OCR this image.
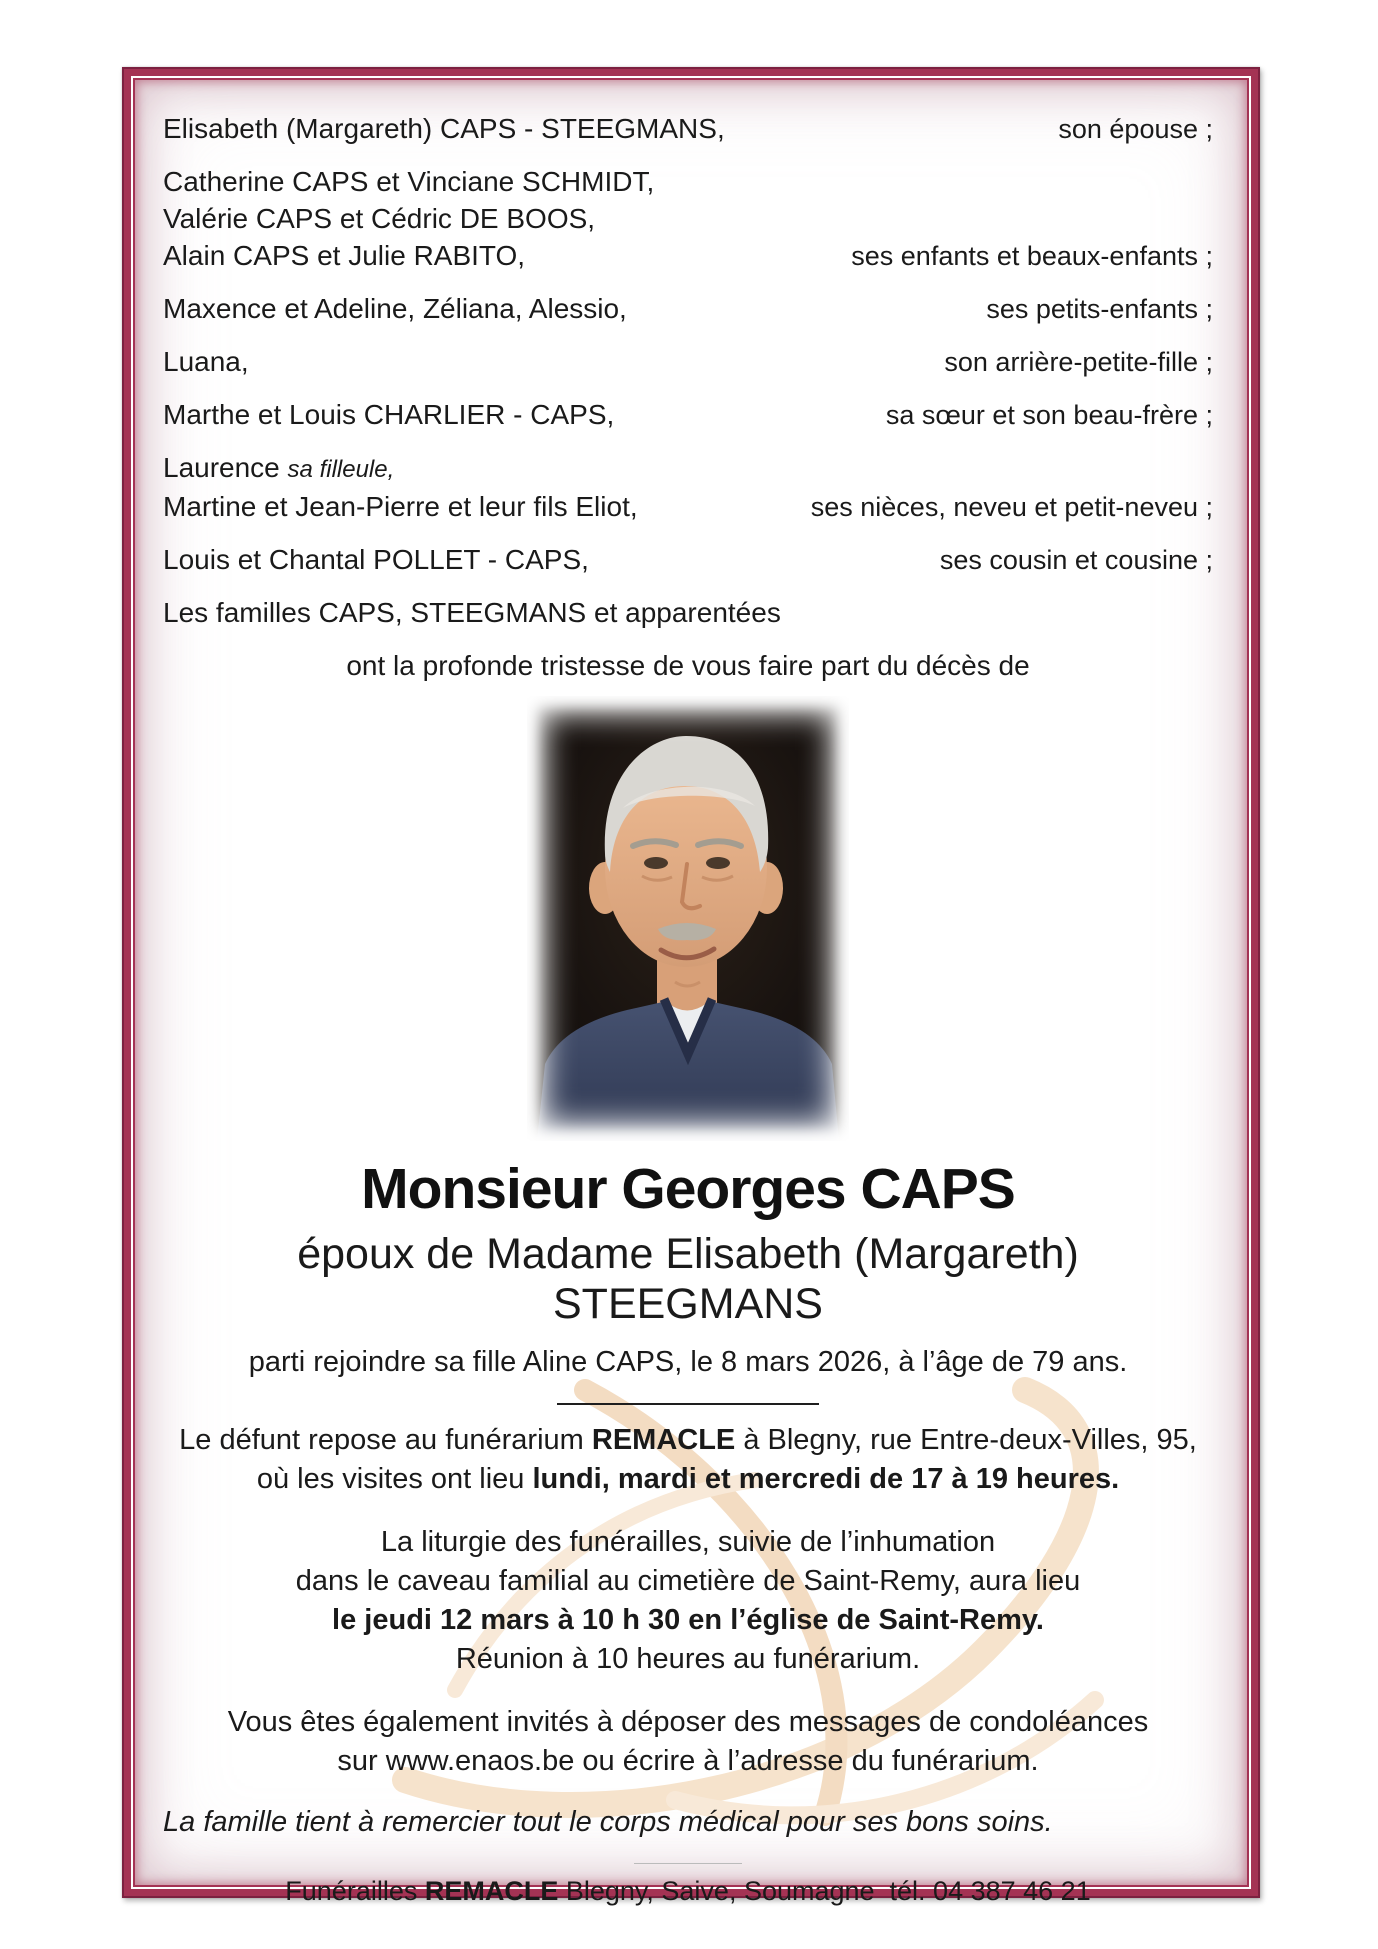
Elisabeth (Margareth) CAPS - STEEGMANS,	son épouse ;
Catherine CAPS et Vinciane SCHMIDT,
Valérie CAPS et Cédric DE BOOS,
Alain CAPS et Julie RABITO,	ses enfants et beaux-enfants ;
Maxence et Adeline, Zéliana, Alessio,	ses petits-enfants ;
Luana,	son arrière-petite-fille ;
Marthe et Louis CHARLIER - CAPS,	sa sœur et son beau-frère ;
Laurence sa filleule,
Martine et Jean-Pierre et leur fils Eliot,	ses nièces, neveu et petit-neveu ;
Louis et Chantal POLLET - CAPS,	ses cousin et cousine ;
Les familles CAPS, STEEGMANS et apparentées
ont la profonde tristesse de vous faire part du décès de
Monsieur Georges CAPS
époux de Madame Elisabeth (Margareth) STEEGMANS
parti rejoindre sa fille Aline CAPS, le 8 mars 2026, à l’âge de 79 ans.
Le défunt repose au funérarium REMACLE à Blegny, rue Entre-deux-Villes, 95,
où les visites ont lieu lundi, mardi et mercredi de 17 à 19 heures.
La liturgie des funérailles, suivie de l’inhumation
dans le caveau familial au cimetière de Saint-Remy, aura lieu
le jeudi 12 mars à 10 h 30 en l’église de Saint-Remy.
Réunion à 10 heures au funérarium.
Vous êtes également invités à déposer des messages de condoléances
sur www.enaos.be ou écrire à l’adresse du funérarium.
La famille tient à remercier tout le corps médical pour ses bons soins.
Funérailles REMACLE Blegny, Saive, Soumagne  tél. 04 387 46 21
